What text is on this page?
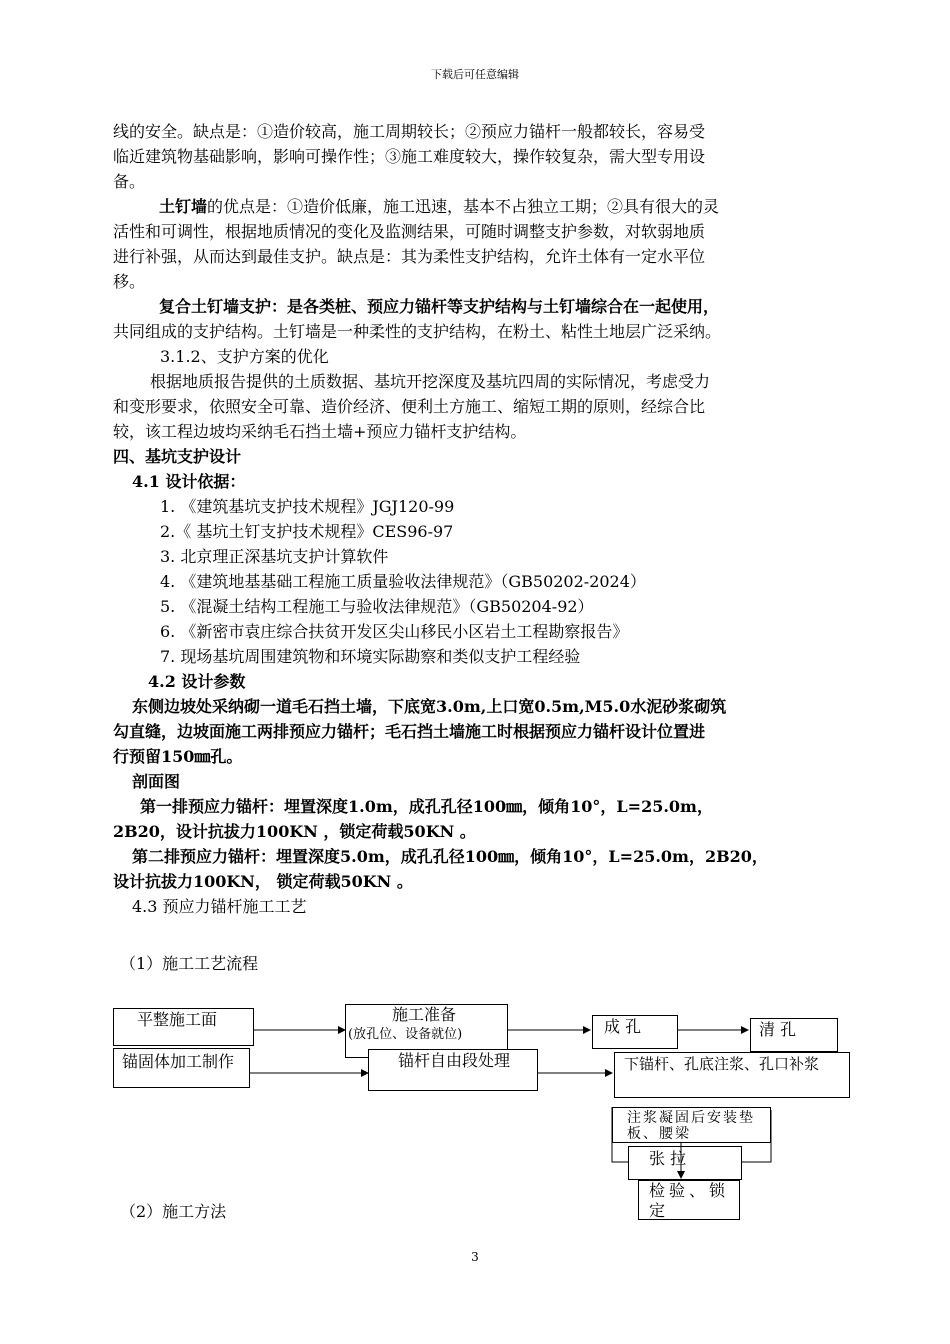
下载后可任意编辑
线的安全。缺点是：①造价较高，施工周期较长；②预应力锚杆一般都较长，容易受
临近建筑物基础影响，影响可操作性；③施工难度较大，操作较复杂，需大型专用设
备。
土钉墙的优点是：①造价低廉，施工迅速，基本不占独立工期；②具有很大的灵
活性和可调性，根据地质情况的变化及监测结果，可随时调整支护参数，对软弱地质
进行补强，从而达到最佳支护。缺点是：其为柔性支护结构，允许土体有一定水平位
移。
复合土钉墙支护：是各类桩、预应力锚杆等支护结构与土钉墙综合在一起使用，
共同组成的支护结构。土钉墙是一种柔性的支护结构，在粉土、粘性土地层广泛采纳。
3.1.2、支护方案的优化
根据地质报告提供的土质数据、基坑开挖深度及基坑四周的实际情况，考虑受力
和变形要求，依照安全可靠、造价经济、便利土方施工、缩短工期的原则，经综合比
较，该工程边坡均采纳毛石挡土墙+预应力锚杆支护结构。
四、基坑支护设计
4.1 设计依据：
1. 《建筑基坑支护技术规程》JGJ120-99
2.《 基坑土钉支护技术规程》CES96-97
3. 北京理正深基坑支护计算软件
4. 《建筑地基基础工程施工质量验收法律规范》（GB50202-2024）
5. 《混凝土结构工程施工与验收法律规范》（GB50204-92）
6. 《新密市袁庄综合扶贫开发区尖山移民小区岩土工程勘察报告》
7. 现场基坑周围建筑物和环境实际勘察和类似支护工程经验
4.2 设计参数
东侧边坡处采纳砌一道毛石挡土墙，下底宽3.0m,上口宽0.5m,M5.0水泥砂浆砌筑
勾直缝，边坡面施工两排预应力锚杆；毛石挡土墙施工时根据预应力锚杆设计位置进
行预留150㎜孔。
剖面图
第一排预应力锚杆：埋置深度1.0m，成孔孔径100㎜，倾角10°，L=25.0m，
2B20，设计抗拔力100KN ，锁定荷载50KN 。
第二排预应力锚杆：埋置深度5.0m，成孔孔径100㎜，倾角10°，L=25.0m，2B20，
设计抗拔力100KN， 锁定荷载50KN 。
4.3 预应力锚杆施工工艺
（1）施工工艺流程
（2）施工方法
平整施工面
锚固体加工制作
施工准备
(放孔位、设备就位)
锚杆自由段处理
成 孔	清 孔
下锚杆、孔底注浆、孔口补浆
注浆凝固后安装垫板、腰梁
张 拉
检验、锁定
3
